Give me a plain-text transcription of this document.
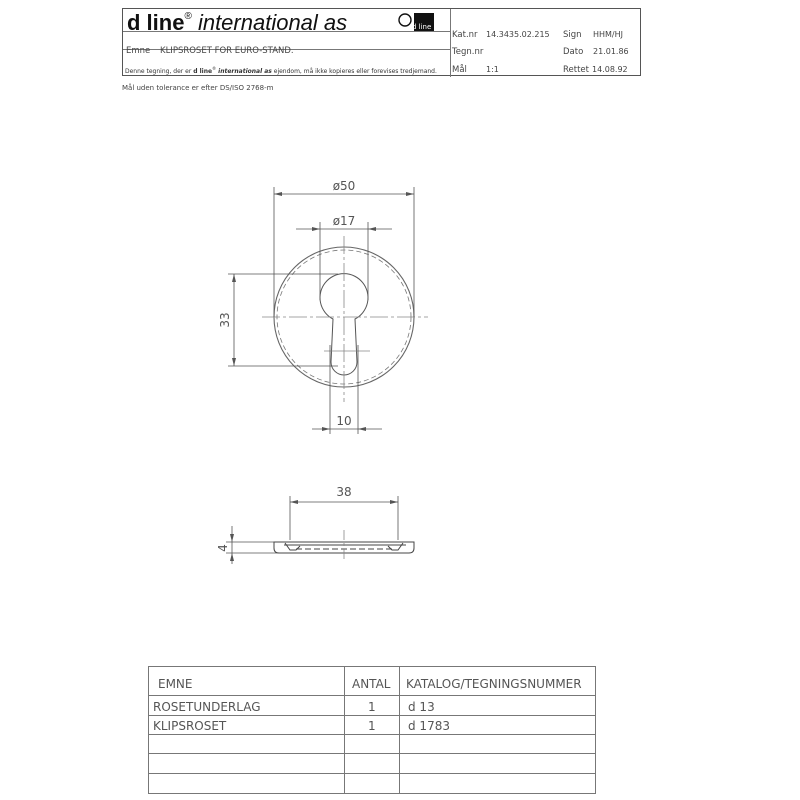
d line® international as	d line
Emne KLIPSROSET FOR EURO-STAND.
Denne tegning, der er d line® international as ejendom, må ikke kopieres eller forevises tredjemand.
Kat.nr 14.3435.02.215
Tegn.nr
Mål 1:1
Sign HHM/HJ
Dato 21.01.86
Rettet 14.08.92
Mål uden tolerance er efter DS/ISO 2768-m
ø50
ø17
33
10
38
4
EMNE	ANTAL KATALOG/TEGNINGSNUMMER
ROSETUNDERLAG	1	d 13
KLIPSROSET	1	d 1783
